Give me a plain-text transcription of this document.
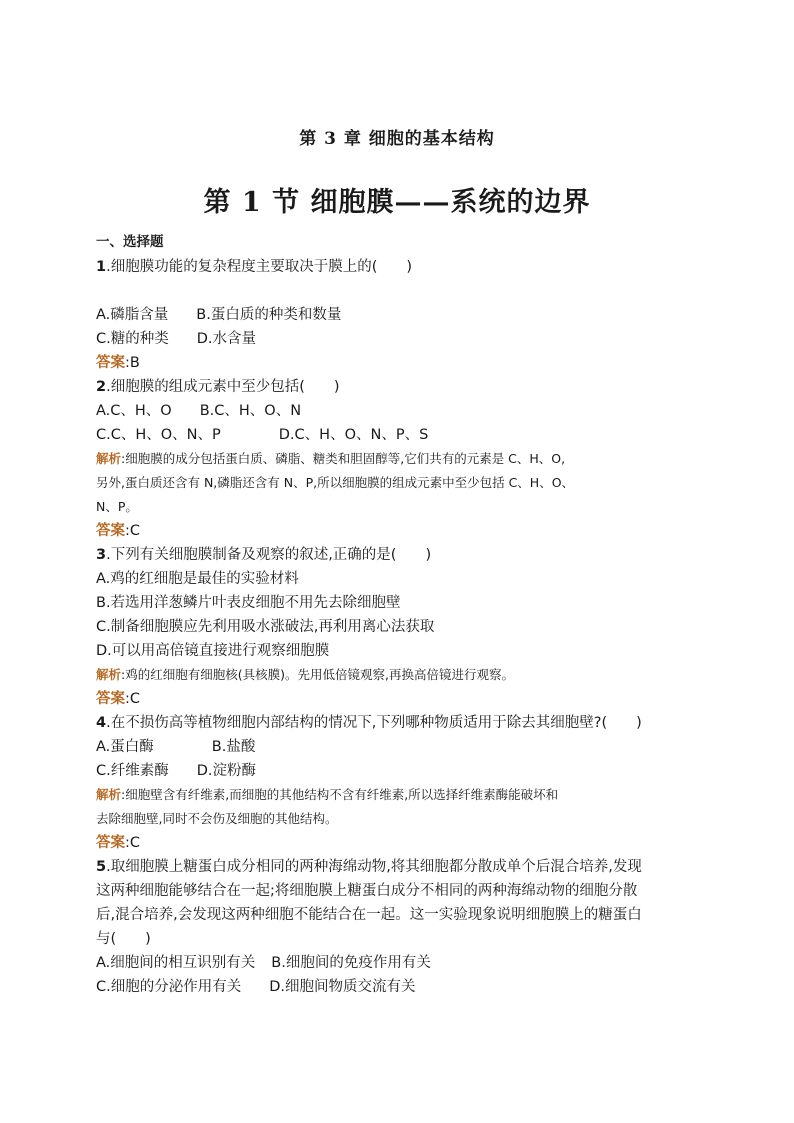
第 3 章 细胞的基本结构
第 1 节 细胞膜——系统的边界
一、选择题
1.细胞膜功能的复杂程度主要取决于膜上的(　　)
A.磷脂含量 B.蛋白质的种类和数量
C.糖的种类 D.水含量
答案:B
2.细胞膜的组成元素中至少包括(　　)
A.C、H、O B.C、H、O、N
C.C、H、O、N、P	D.C、H、O、N、P、S
解析:细胞膜的成分包括蛋白质、磷脂、糖类和胆固醇等,它们共有的元素是 C、H、O,
另外,蛋白质还含有 N,磷脂还含有 N、P,所以细胞膜的组成元素中至少包括 C、H、O、
N、P。
答案:C
3.下列有关细胞膜制备及观察的叙述,正确的是(　　)
A.鸡的红细胞是最佳的实验材料
B.若选用洋葱鳞片叶表皮细胞不用先去除细胞壁
C.制备细胞膜应先利用吸水涨破法,再利用离心法获取
D.可以用高倍镜直接进行观察细胞膜
解析:鸡的红细胞有细胞核(具核膜)。先用低倍镜观察,再换高倍镜进行观察。
答案:C
4.在不损伤高等植物细胞内部结构的情况下,下列哪种物质适用于除去其细胞壁?(　　)
A.蛋白酶	B.盐酸
C.纤维素酶 D.淀粉酶
解析:细胞壁含有纤维素,而细胞的其他结构不含有纤维素,所以选择纤维素酶能破坏和
去除细胞壁,同时不会伤及细胞的其他结构。
答案:C
5.取细胞膜上糖蛋白成分相同的两种海绵动物,将其细胞都分散成单个后混合培养,发现
这两种细胞能够结合在一起;将细胞膜上糖蛋白成分不相同的两种海绵动物的细胞分散
后,混合培养,会发现这两种细胞不能结合在一起。这一实验现象说明细胞膜上的糖蛋白
与(　　)
A.细胞间的相互识别有关 B.细胞间的免疫作用有关
C.细胞的分泌作用有关 D.细胞间物质交流有关
